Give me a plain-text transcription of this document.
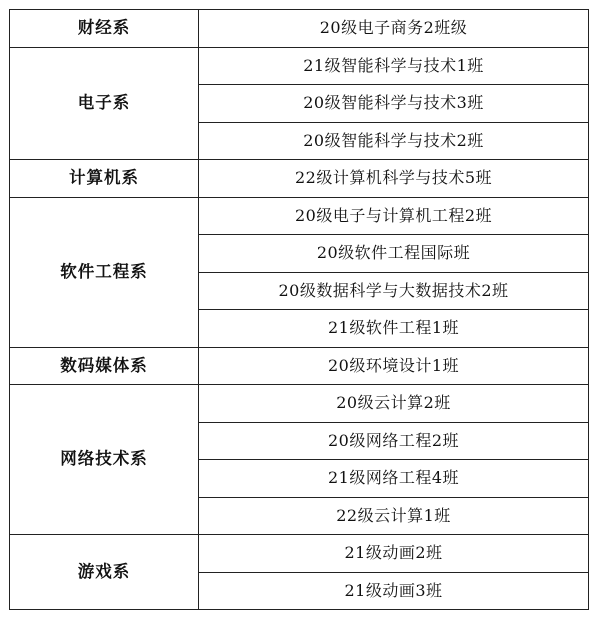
财经系	20级电子商务2班级
电子系	21级智能科学与技术1班
	20级智能科学与技术3班
	20级智能科学与技术2班
计算机系	22级计算机科学与技术5班
软件工程系	20级电子与计算机工程2班
	20级软件工程国际班
	20级数据科学与大数据技术2班
	21级软件工程1班
数码媒体系	20级环境设计1班
网络技术系	20级云计算2班
	20级网络工程2班
	21级网络工程4班
	22级云计算1班
游戏系	21级动画2班
	21级动画3班
